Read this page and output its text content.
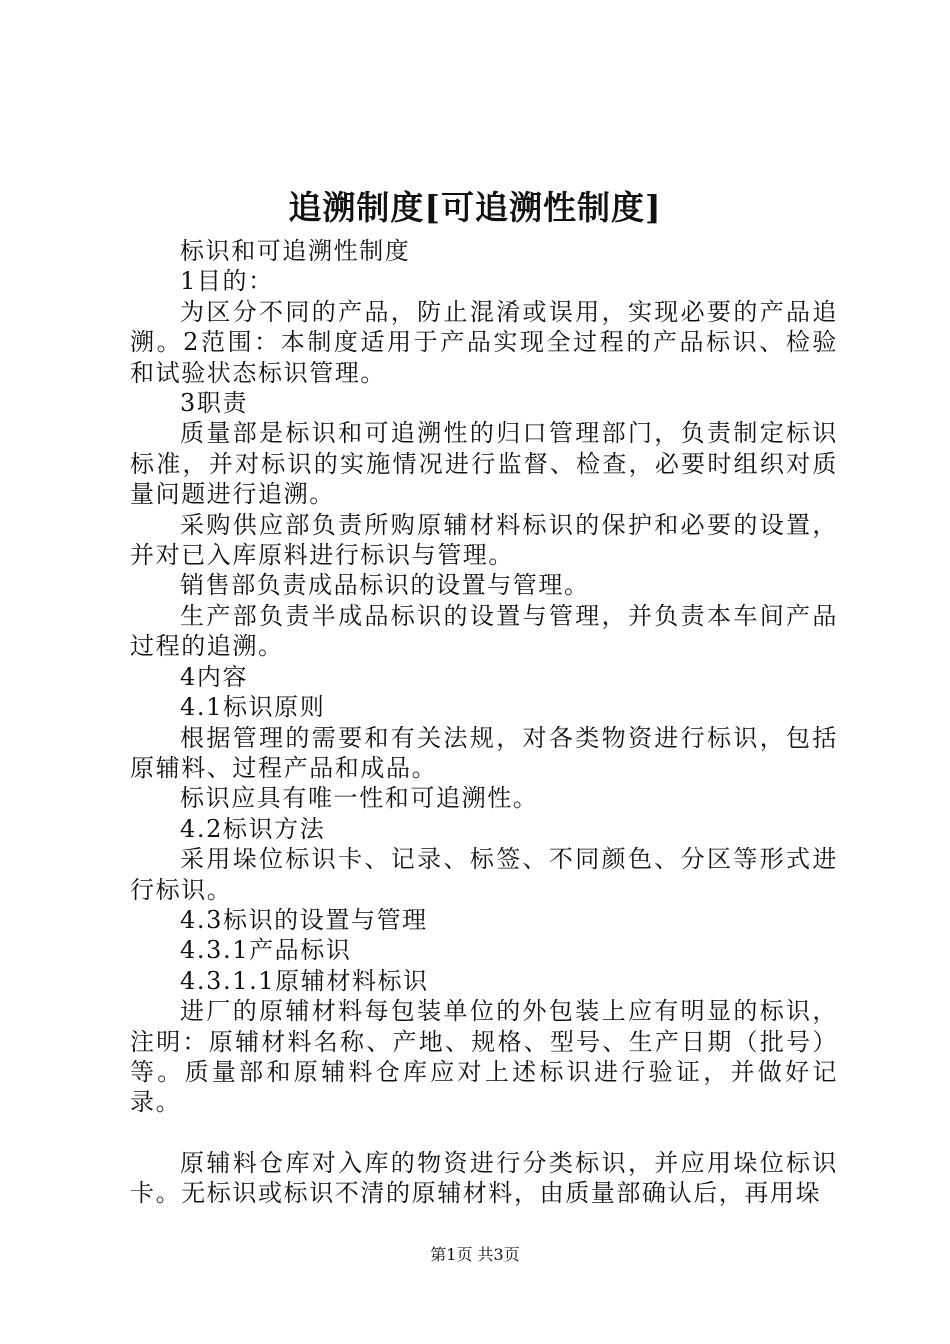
追溯制度[可追溯性制度]

标识和可追溯性制度

1目的：

为区分不同的产品，防止混淆或误用，实现必要的产品追溯。2范围：本制度适用于产品实现全过程的产品标识、检验和试验状态标识管理。

3职责

质量部是标识和可追溯性的归口管理部门，负责制定标识标准，并对标识的实施情况进行监督、检查，必要时组织对质量问题进行追溯。

采购供应部负责所购原辅材料标识的保护和必要的设置，并对已入库原料进行标识与管理。

销售部负责成品标识的设置与管理。

生产部负责半成品标识的设置与管理，并负责本车间产品过程的追溯。

4内容

4.1标识原则

根据管理的需要和有关法规，对各类物资进行标识，包括原辅料、过程产品和成品。

标识应具有唯一性和可追溯性。

4.2标识方法

采用垛位标识卡、记录、标签、不同颜色、分区等形式进行标识。

4.3标识的设置与管理

4.3.1产品标识

4.3.1.1原辅材料标识

进厂的原辅材料每包装单位的外包装上应有明显的标识，注明：原辅材料名称、产地、规格、型号、生产日期（批号）等。质量部和原辅料仓库应对上述标识进行验证，并做好记录。

原辅料仓库对入库的物资进行分类标识，并应用垛位标识卡。无标识或标识不清的原辅材料，由质量部确认后，再用垛

第1页 共3页
